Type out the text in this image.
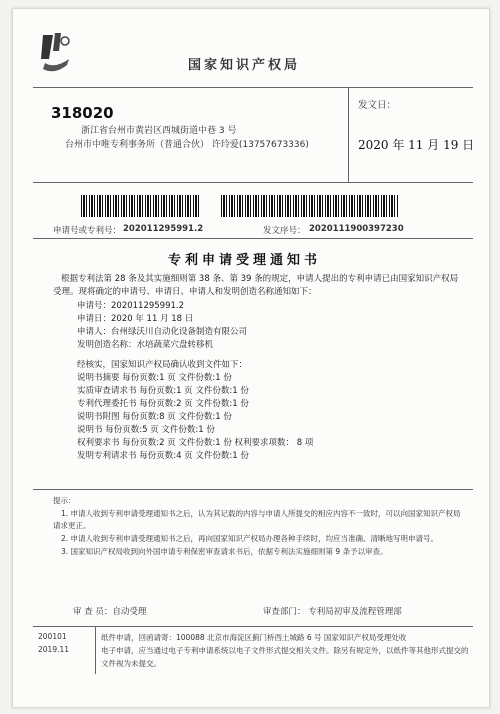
国家知识产权局
318020
浙江省台州市黄岩区西城街道中巷 3 号
台州市中唯专利事务所（普通合伙） 许玲爱(13757673336)
发文日：
2020 年 11 月 19 日
申请号或专利号： 202011295991.2	发文序号： 2020111900397230
专利申请受理通知书
根据专利法第 28 条及其实施细则第 38 条、第 39 条的规定，申请人提出的专利申请已由国家知识产权局
受理。现将确定的申请号、申请日、申请人和发明创造名称通知如下：
申请号：202011295991.2
申请日：2020 年 11 月 18 日
申请人：台州绿沃川自动化设备制造有限公司
发明创造名称：水培蔬菜穴盘转移机
经核实，国家知识产权局确认收到文件如下：
说明书摘要 每份页数:1 页 文件份数:1 份
实质审查请求书 每份页数:1 页 文件份数:1 份
专利代理委托书 每份页数:2 页 文件份数:1 份
说明书附图 每份页数:8 页 文件份数:1 份
说明书 每份页数:5 页 文件份数:1 份
权利要求书 每份页数:2 页 文件份数:1 份 权利要求项数： 8 项
发明专利请求书 每份页数:4 页 文件份数:1 份
提示：
1. 申请人收到专利申请受理通知书之后，认为其记载的内容与申请人所提交的相应内容不一致时，可以向国家知识产权局
请求更正。
2. 申请人收到专利申请受理通知书之后，再向国家知识产权局办理各种手续时，均应当准确、清晰地写明申请号。
3. 国家知识产权局收到向外国申请专利保密审查请求书后，依据专利法实施细则第 9 条予以审查。
审 查 员：自动受理	审查部门： 专利局初审及流程管理部
200101
2019.11
纸件申请，回函请寄：100088 北京市海淀区蓟门桥西土城路 6 号 国家知识产权局受理处收
电子申请，应当通过电子专利申请系统以电子文件形式提交相关文件。除另有规定外，以纸件等其他形式提交的
文件视为未提交。
